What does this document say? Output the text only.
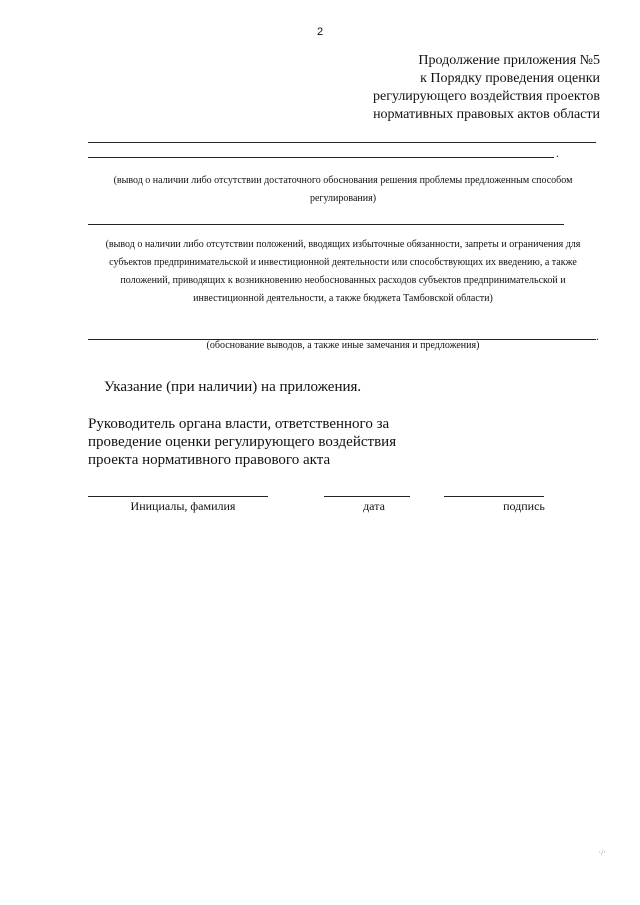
2
Продолжение приложения №5
к Порядку проведения оценки
регулирующего воздействия проектов
нормативных правовых актов области
.
(вывод о наличии либо отсутствии достаточного обоснования решения проблемы предложенным способом регулирования)
(вывод о наличии либо отсутствии положений, вводящих избыточные обязанности, запреты и ограничения для субъектов предпринимательской и инвестиционной деятельности или способствующих их введению, а также положений, приводящих к возникновению необоснованных расходов субъектов предпринимательской и инвестиционной деятельности, а также бюджета Тамбовской области)
.
(обоснование выводов, а также иные замечания и предложения)
Указание (при наличии) на приложения.
Руководитель органа власти, ответственного за
проведение оценки регулирующего воздействия
проекта нормативного правового акта
Инициалы, фамилия	дата	подпись
·/·
